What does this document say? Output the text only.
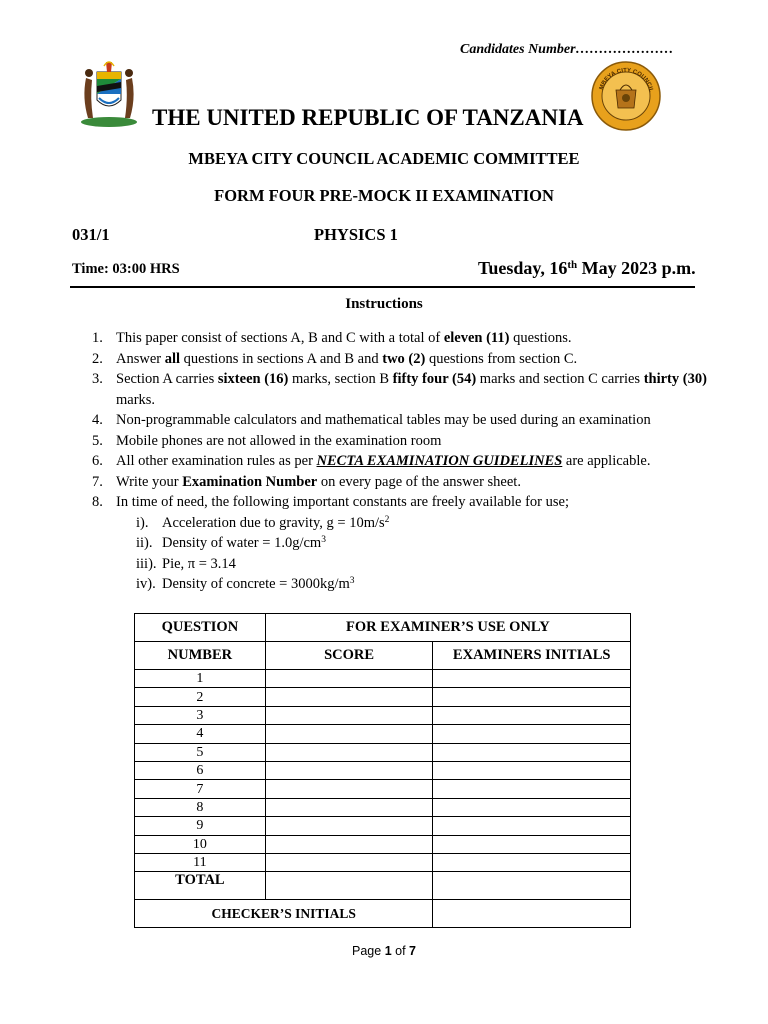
Candidates Number…………………
THE UNITED REPUBLIC OF TANZANIA
MBEYA CITY COUNCIL
MBEYA CITY COUNCIL ACADEMIC COMMITTEE
FORM FOUR PRE-MOCK II EXAMINATION
031/1	PHYSICS 1
Time: 03:00 HRS	Tuesday, 16th May 2023 p.m.
Instructions
1. This paper consist of sections A, B and C with a total of eleven (11) questions.
2. Answer all questions in sections A and B and two (2) questions from section C.
3. Section A carries sixteen (16) marks, section B fifty four (54) marks and section C carries thirty (30) marks.
4. Non-programmable calculators and mathematical tables may be used during an examination
5. Mobile phones are not allowed in the examination room
6. All other examination rules as per NECTA EXAMINATION GUIDELINES are applicable.
7. Write your Examination Number on every page of the answer sheet.
8. In time of need, the following important constants are freely available for use;
i). Acceleration due to gravity, $g = 10m/s^2$
ii). Density of water = $1.0g/cm^3$
iii). Pie, π = 3.14
iv). Density of concrete = $3000kg/m^3$
QUESTION	FOR EXAMINER’S USE ONLY	
NUMBER	SCORE	EXAMINERS INITIALS
1		
2		
3		
4		
5		
6		
7		
8		
9		
10		
11		
TOTAL		
CHECKER’S INITIALS		
Page 1 of 7
